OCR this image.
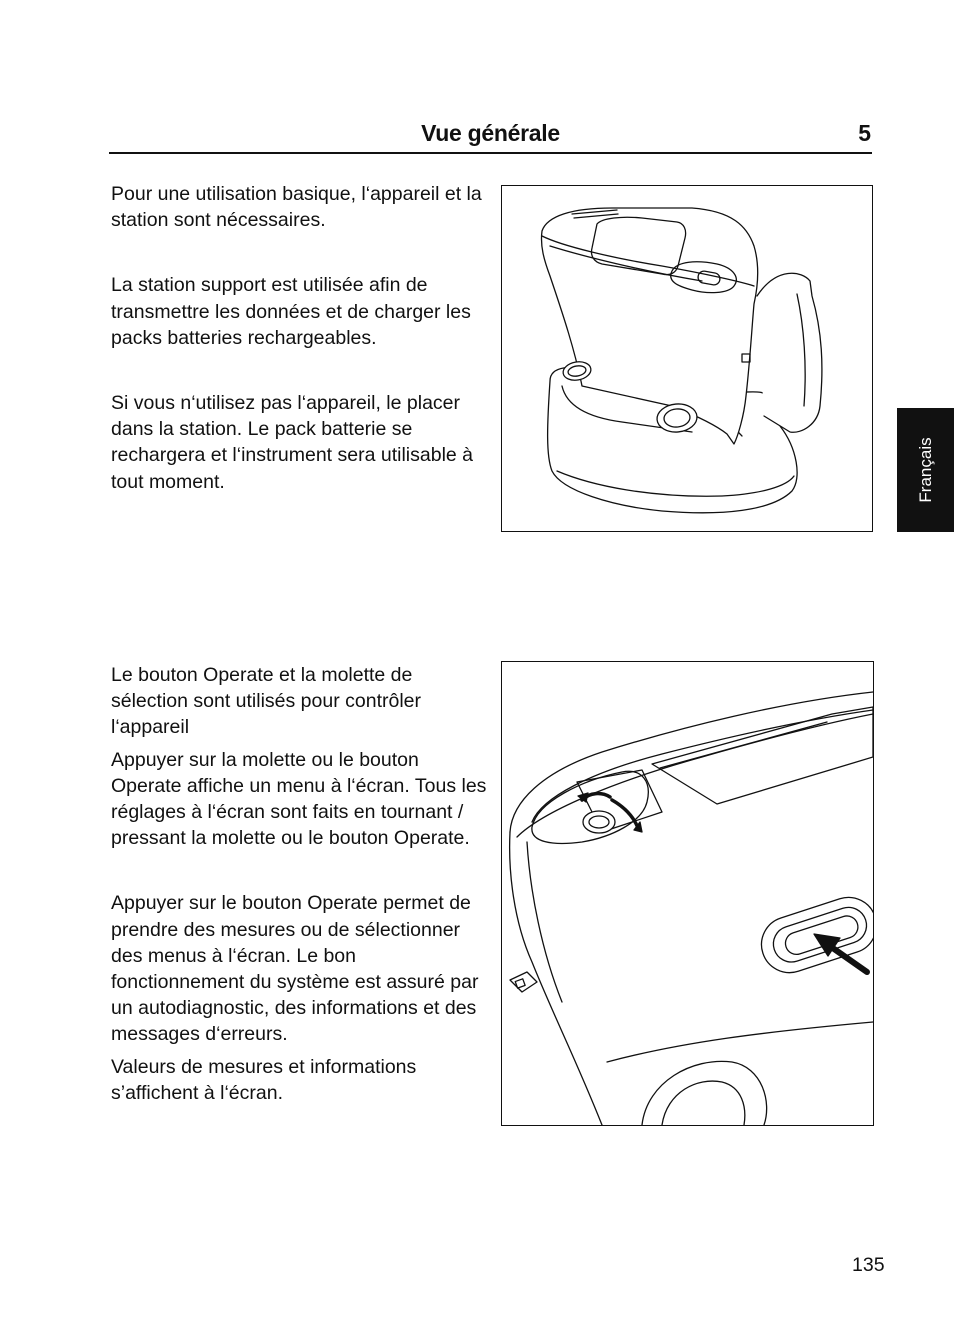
Vue générale	5

Pour une utilisation basique, l‘appareil et la station sont nécessaires.

La station support est utilisée afin de transmettre les données et de charger les packs batteries rechargeables.

Si vous n‘utilisez pas l‘appareil, le placer dans la station. Le pack batterie se rechargera et l‘instrument sera utilisable à tout moment.

Le bouton Operate et la molette de sélection sont utilisés pour contrôler l‘appareil

Appuyer sur la molette ou le bouton Operate affiche un menu à l‘écran. Tous les réglages à l‘écran sont faits en tournant / pressant la molette ou le bouton Operate.

Appuyer sur le bouton Operate permet de prendre des mesures ou de sélectionner des menus à l‘écran. Le bon fonctionnement du système est assuré par un autodiagnostic, des informations et des messages d‘erreurs.

Valeurs de mesures et informations s’affichent à l‘écran.

Français
135
